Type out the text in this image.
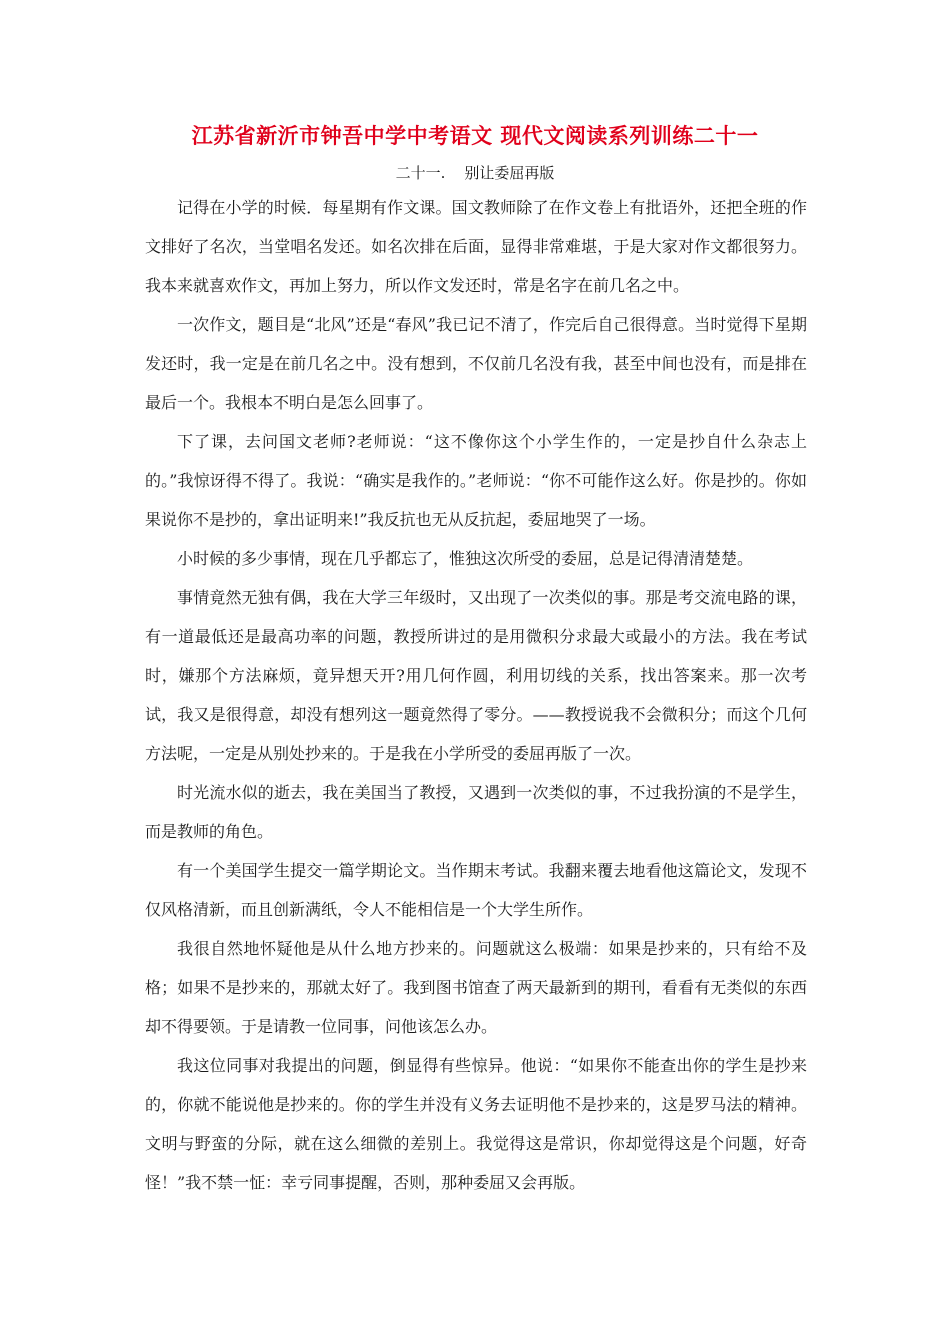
江苏省新沂市钟吾中学中考语文 现代文阅读系列训练二十一
二十一.    别让委屈再版

记得在小学的时候．每星期有作文课。国文教师除了在作文卷上有批语外，还把全班的作文排好了名次，当堂唱名发还。如名次排在后面，显得非常难堪，于是大家对作文都很努力。我本来就喜欢作文，再加上努力，所以作文发还时，常是名字在前几名之中。

一次作文，题目是“北风”还是“春风”我已记不清了，作完后自己很得意。当时觉得下星期发还时，我一定是在前几名之中。没有想到，不仅前几名没有我，甚至中间也没有，而是排在最后一个。我根本不明白是怎么回事了。

下了课，去问国文老师?老师说：“这不像你这个小学生作的，一定是抄自什么杂志上的。”我惊讶得不得了。我说：“确实是我作的。”老师说：“你不可能作这么好。你是抄的。你如果说你不是抄的，拿出证明来!”我反抗也无从反抗起，委屈地哭了一场。

小时候的多少事情，现在几乎都忘了，惟独这次所受的委屈，总是记得清清楚楚。

事情竟然无独有偶，我在大学三年级时，又出现了一次类似的事。那是考交流电路的课，有一道最低还是最高功率的问题，教授所讲过的是用微积分求最大或最小的方法。我在考试时，嫌那个方法麻烦，竟异想天开?用几何作圆，利用切线的关系，找出答案来。那一次考试，我又是很得意，却没有想列这一题竟然得了零分。——教授说我不会微积分；而这个几何方法呢，一定是从别处抄来的。于是我在小学所受的委屈再版了一次。

时光流水似的逝去，我在美国当了教授，又遇到一次类似的事，不过我扮演的不是学生，而是教师的角色。

有一个美国学生提交一篇学期论文。当作期末考试。我翻来覆去地看他这篇论文，发现不仅风格清新，而且创新满纸，令人不能相信是一个大学生所作。

我很自然地怀疑他是从什么地方抄来的。问题就这么极端：如果是抄来的，只有给不及格；如果不是抄来的，那就太好了。我到图书馆查了两天最新到的期刊，看看有无类似的东西却不得要领。于是请教一位同事，问他该怎么办。

我这位同事对我提出的问题，倒显得有些惊异。他说：“如果你不能查出你的学生是抄来的，你就不能说他是抄来的。你的学生并没有义务去证明他不是抄来的，这是罗马法的精神。文明与野蛮的分际，就在这么细微的差别上。我觉得这是常识，你却觉得这是个问题，好奇怪！”我不禁一怔：幸亏同事提醒，否则，那种委屈又会再版。
